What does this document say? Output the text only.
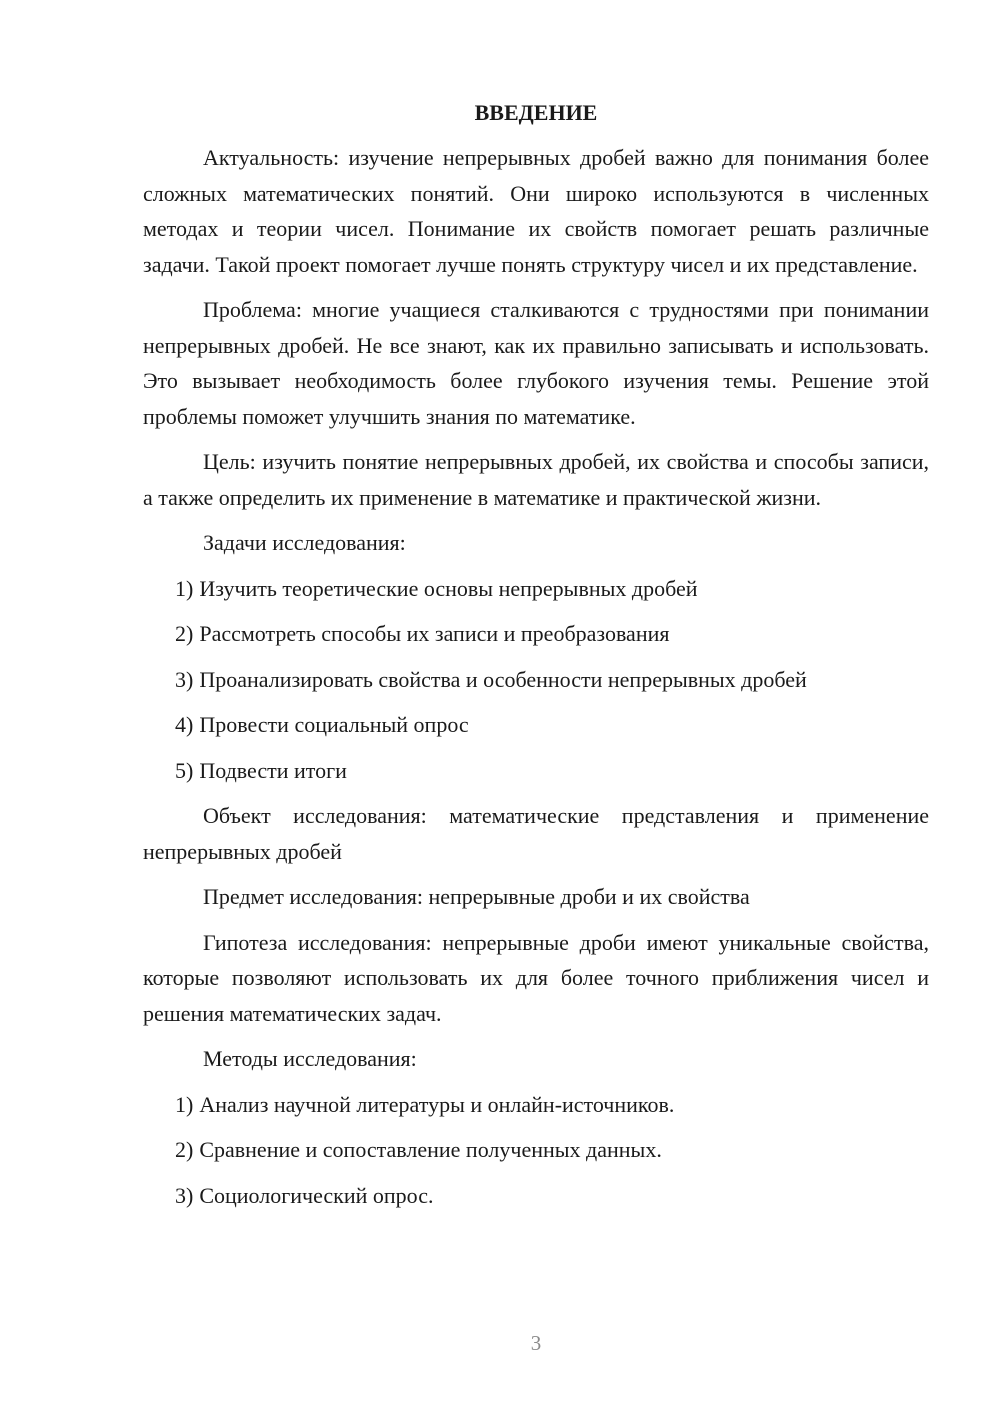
ВВЕДЕНИЕ
Актуальность: изучение непрерывных дробей важно для понимания более сложных математических понятий. Они широко используются в численных методах и теории чисел. Понимание их свойств помогает решать различные задачи. Такой проект помогает лучше понять структуру чисел и их представление.
Проблема: многие учащиеся сталкиваются с трудностями при понимании непрерывных дробей. Не все знают, как их правильно записывать и использовать. Это вызывает необходимость более глубокого изучения темы. Решение этой проблемы поможет улучшить знания по математике.
Цель: изучить понятие непрерывных дробей, их свойства и способы записи, а также определить их применение в математике и практической жизни.
Задачи исследования:
1) Изучить теоретические основы непрерывных дробей
2) Рассмотреть способы их записи и преобразования
3) Проанализировать свойства и особенности непрерывных дробей
4) Провести социальный опрос
5) Подвести итоги
Объект исследования: математические представления и применение непрерывных дробей
Предмет исследования: непрерывные дроби и их свойства
Гипотеза исследования: непрерывные дроби имеют уникальные свойства, которые позволяют использовать их для более точного приближения чисел и решения математических задач.
Методы исследования:
1) Анализ научной литературы и онлайн-источников.
2) Сравнение и сопоставление полученных данных.
3) Социологический опрос.
3
